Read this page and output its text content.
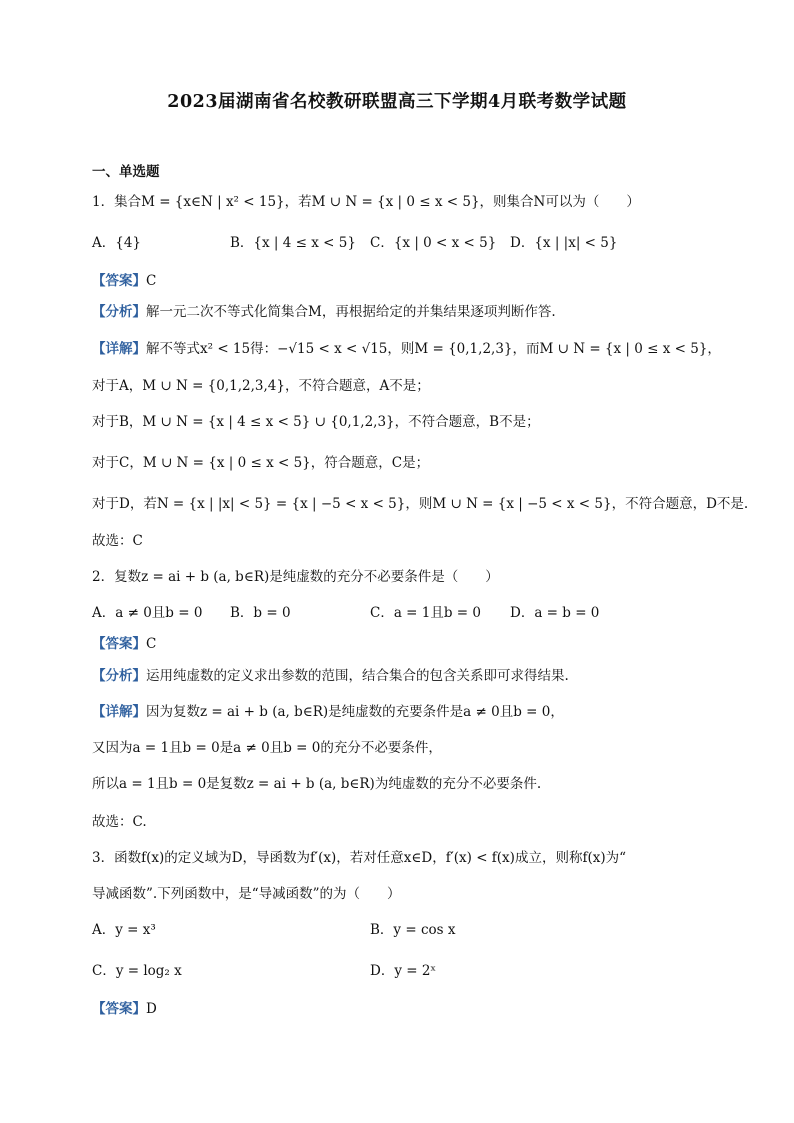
2023届湖南省名校教研联盟高三下学期4月联考数学试题
一、单选题
1．集合M = {x∈N | x² < 15}，若M ∪ N = {x | 0 ≤ x < 5}，则集合N可以为（　　）
A．{4}	B．{x | 4 ≤ x < 5} C．{x | 0 < x < 5} D．{x | |x| < 5}
【答案】C
【分析】解一元二次不等式化简集合M，再根据给定的并集结果逐项判断作答.
【详解】解不等式x² < 15得：−√15 < x < √15，则M = {0,1,2,3}，而M ∪ N = {x | 0 ≤ x < 5}，
对于A，M ∪ N = {0,1,2,3,4}，不符合题意，A不是；
对于B，M ∪ N = {x | 4 ≤ x < 5} ∪ {0,1,2,3}，不符合题意，B不是；
对于C，M ∪ N = {x | 0 ≤ x < 5}，符合题意，C是；
对于D，若N = {x | |x| < 5} = {x | −5 < x < 5}，则M ∪ N = {x | −5 < x < 5}，不符合题意，D不是.
故选：C
2．复数z = ai + b (a, b∈R)是纯虚数的充分不必要条件是（　　）
A．a ≠ 0且b = 0 B．b = 0	C．a = 1且b = 0 D．a = b = 0
【答案】C
【分析】运用纯虚数的定义求出参数的范围，结合集合的包含关系即可求得结果.
【详解】因为复数z = ai + b (a, b∈R)是纯虚数的充要条件是a ≠ 0且b = 0，
又因为a = 1且b = 0是a ≠ 0且b = 0的充分不必要条件，
所以a = 1且b = 0是复数z = ai + b (a, b∈R)为纯虚数的充分不必要条件.
故选：C.
3．函数f(x)的定义域为D，导函数为f′(x)，若对任意x∈D，f′(x) < f(x)成立，则称f(x)为“
导减函数”.下列函数中，是“导减函数”的为（　　）
A．y = x³	B．y = cos x
C．y = log₂ x	D．y = 2ˣ
【答案】D
